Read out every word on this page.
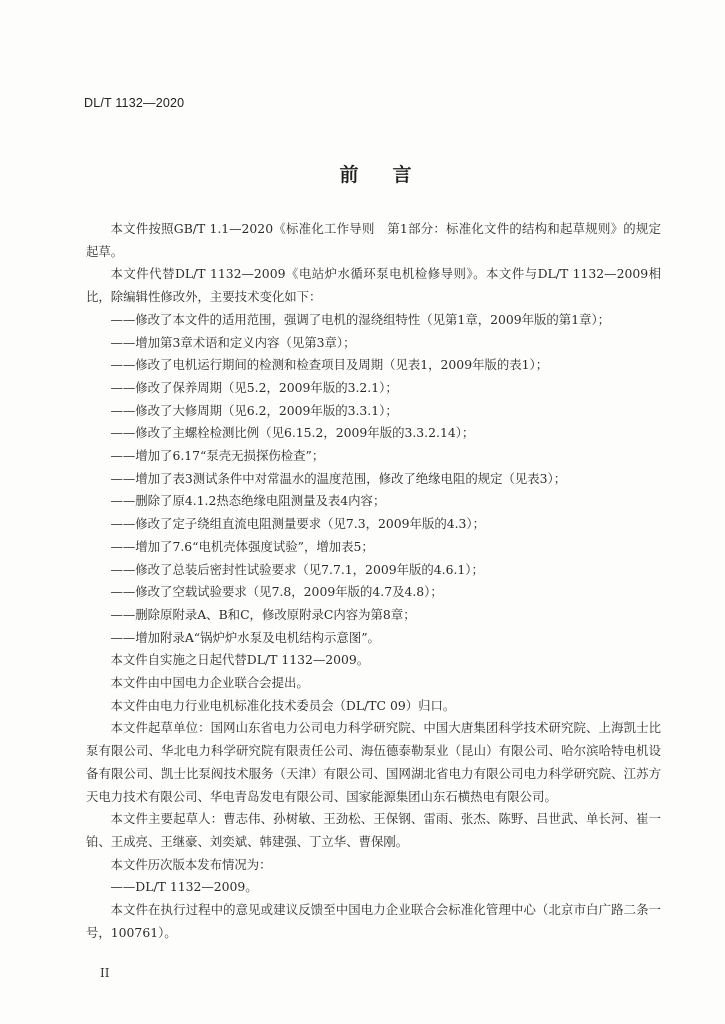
DL/T 1132—2020
前言

本文件按照GB/T 1.1—2020《标准化工作导则　第1部分：标准化文件的结构和起草规则》的规定起草。

本文件代替DL/T 1132—2009《电站炉水循环泵电机检修导则》。本文件与DL/T 1132—2009相比，除编辑性修改外，主要技术变化如下：

——修改了本文件的适用范围，强调了电机的湿绕组特性（见第1章，2009年版的第1章）；

——增加第3章术语和定义内容（见第3章）；

——修改了电机运行期间的检测和检查项目及周期（见表1，2009年版的表1）；

——修改了保养周期（见5.2，2009年版的3.2.1）；

——修改了大修周期（见6.2，2009年版的3.3.1）；

——修改了主螺栓检测比例（见6.15.2，2009年版的3.3.2.14）；

——增加了6.17“泵壳无损探伤检查”；

——增加了表3测试条件中对常温水的温度范围，修改了绝缘电阻的规定（见表3）；

——删除了原4.1.2热态绝缘电阻测量及表4内容；

——修改了定子绕组直流电阻测量要求（见7.3，2009年版的4.3）；

——增加了7.6“电机壳体强度试验”，增加表5；

——修改了总装后密封性试验要求（见7.7.1，2009年版的4.6.1）；

——修改了空载试验要求（见7.8，2009年版的4.7及4.8）；

——删除原附录A、B和C，修改原附录C内容为第8章；

——增加附录A“锅炉炉水泵及电机结构示意图”。

本文件自实施之日起代替DL/T 1132—2009。

本文件由中国电力企业联合会提出。

本文件由电力行业电机标准化技术委员会（DL/TC 09）归口。

本文件起草单位：国网山东省电力公司电力科学研究院、中国大唐集团科学技术研究院、上海凯士比泵有限公司、华北电力科学研究院有限责任公司、海伍德泰勒泵业（昆山）有限公司、哈尔滨哈特电机设备有限公司、凯士比泵阀技术服务（天津）有限公司、国网湖北省电力有限公司电力科学研究院、江苏方天电力技术有限公司、华电青岛发电有限公司、国家能源集团山东石横热电有限公司。

本文件主要起草人：曹志伟、孙树敏、王劲松、王保钢、雷雨、张杰、陈野、吕世武、单长河、崔一铂、王成亮、王继豪、刘奕斌、韩建强、丁立华、曹保刚。

本文件历次版本发布情况为：

——DL/T 1132—2009。

本文件在执行过程中的意见或建议反馈至中国电力企业联合会标准化管理中心（北京市白广路二条一号，100761）。

II
